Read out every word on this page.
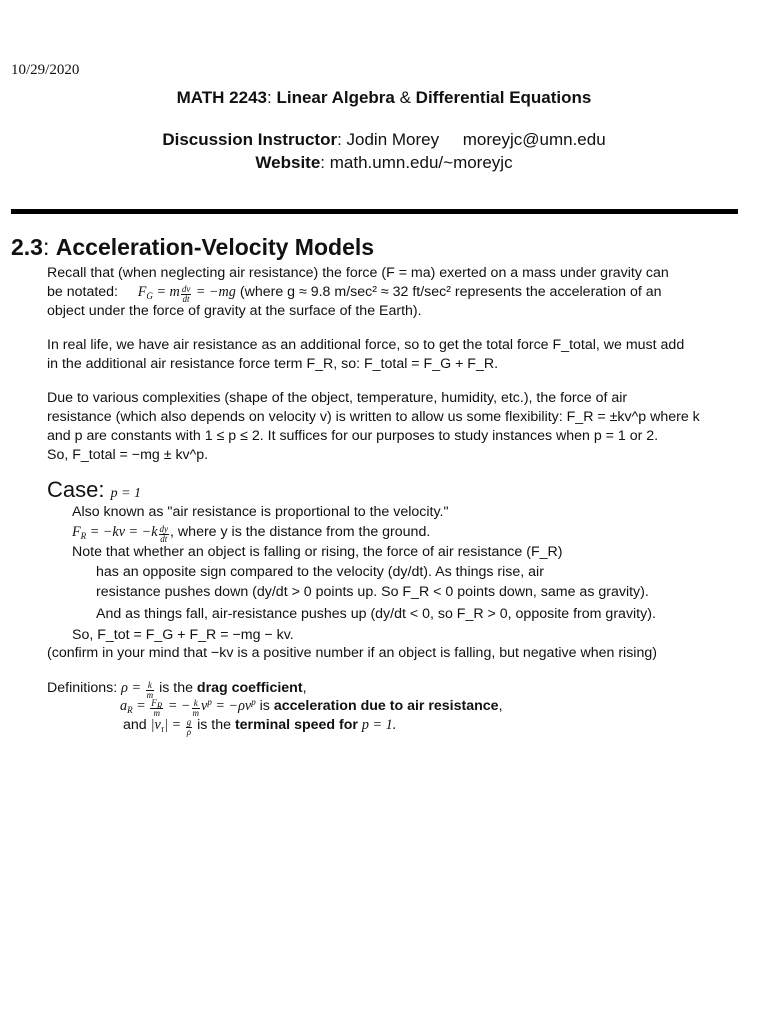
10/29/2020
MATH 2243: Linear Algebra & Differential Equations
Discussion Instructor: Jodin Morey moreyjc@umn.edu
Website: math.umn.edu/~moreyjc
2.3: Acceleration-Velocity Models
Recall that (when neglecting air resistance) the force (F = ma) exerted on a mass under gravity can
be notated: $F_G = m \frac{dv}{dt} = -mg$ (where g ≈ 9.8 m/sec² ≈ 32 ft/sec² represents the acceleration of an
object under the force of gravity at the surface of the Earth).
In real life, we have air resistance as an additional force, so to get the total force F_total, we must add
in the additional air resistance force term F_R, so: F_total = F_G + F_R.
Due to various complexities (shape of the object, temperature, humidity, etc.), the force of air
resistance (which also depends on velocity v) is written to allow us some flexibility: F_R = ±kv^p where k
and p are constants with 1 ≤ p ≤ 2. It suffices for our purposes to study instances when p = 1 or 2.
So, F_total = −mg ± kv^p.
Case: p = 1
Also known as "air resistance is proportional to the velocity."
$F_R = -kv = -k \frac{dy}{dt}$ , where y is the distance from the ground.
Note that whether an object is falling or rising, the force of air resistance (F_R)
has an opposite sign compared to the velocity (dy/dt). As things rise, air
resistance pushes down (dy/dt > 0 points up. So F_R < 0 points down, same as gravity).
And as things fall, air-resistance pushes up (dy/dt < 0, so F_R > 0, opposite from gravity).
So, F_tot = F_G + F_R = −mg − kv.
(confirm in your mind that −kv is a positive number if an object is falling, but negative when rising)
Definitions: $\rho = \frac{k}{m}$ is the drag coefficient,
$a_R = \frac{F_R}{m}$ = − $\frac{k}{m} v^p = -\rho v^p$ is acceleration due to air resistance,
and $|v_\tau| = \frac{g}{\rho}$ is the terminal speed for p = 1.
